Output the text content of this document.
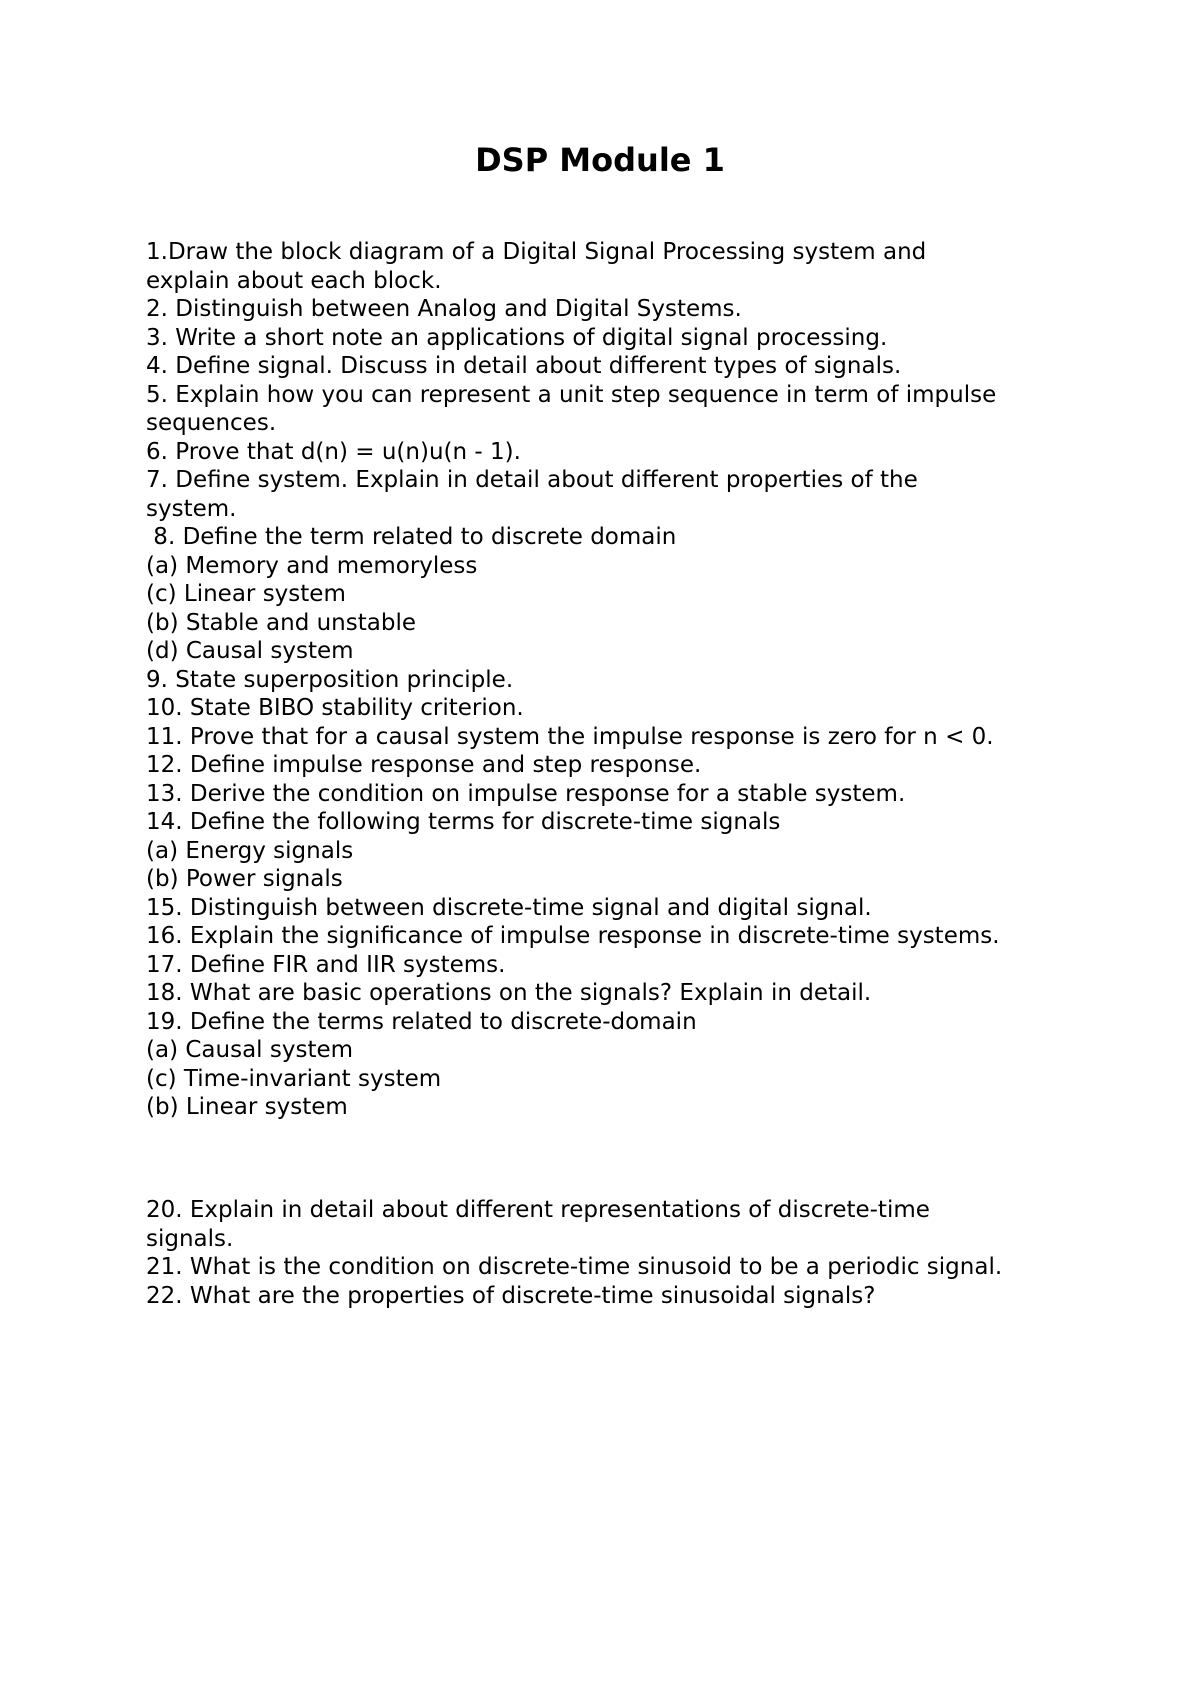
DSP Module 1

1.Draw the block diagram of a Digital Signal Processing system and

explain about each block.

2. Distinguish between Analog and Digital Systems.

3. Write a short note an applications of digital signal processing.

4. Define signal. Discuss in detail about different types of signals.

5. Explain how you can represent a unit step sequence in term of impulse

sequences.

6. Prove that d(n) = u(n)u(n - 1).

7. Define system. Explain in detail about different properties of the

system.

8. Define the term related to discrete domain

(a) Memory and memoryless

(c) Linear system

(b) Stable and unstable

(d) Causal system

9. State superposition principle.

10. State BIBO stability criterion.

11. Prove that for a causal system the impulse response is zero for n < 0.

12. Define impulse response and step response.

13. Derive the condition on impulse response for a stable system.

14. Define the following terms for discrete-time signals

(a) Energy signals

(b) Power signals

15. Distinguish between discrete-time signal and digital signal.

16. Explain the significance of impulse response in discrete-time systems.

17. Define FIR and IIR systems.

18. What are basic operations on the signals? Explain in detail.

19. Define the terms related to discrete-domain

(a) Causal system

(c) Time-invariant system

(b) Linear system

20. Explain in detail about different representations of discrete-time

signals.

21. What is the condition on discrete-time sinusoid to be a periodic signal.

22. What are the properties of discrete-time sinusoidal signals?
